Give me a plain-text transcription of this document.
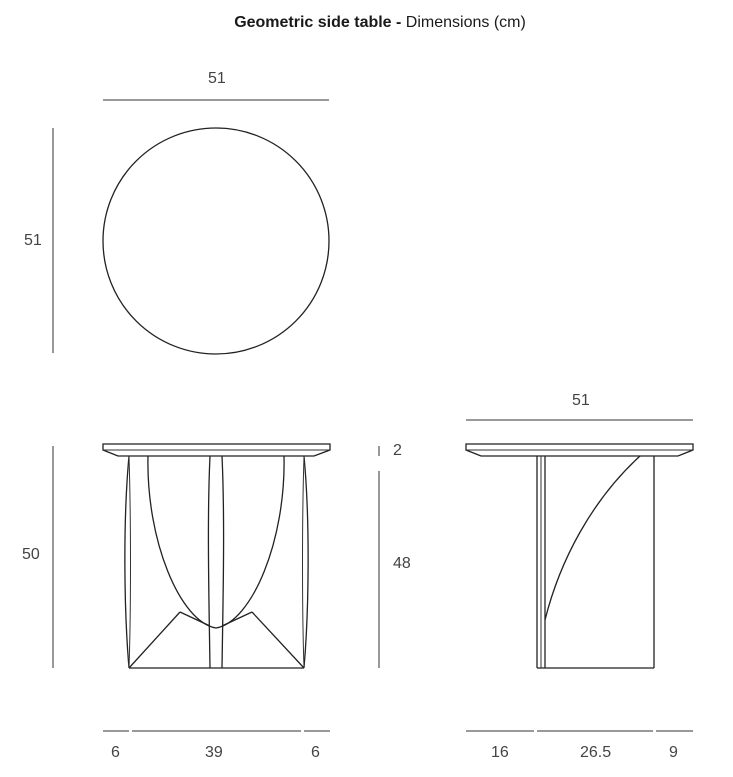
Geometric side table - Dimensions (cm)
51
51
50
2
48
6	39	6
51
16	26.5	9
